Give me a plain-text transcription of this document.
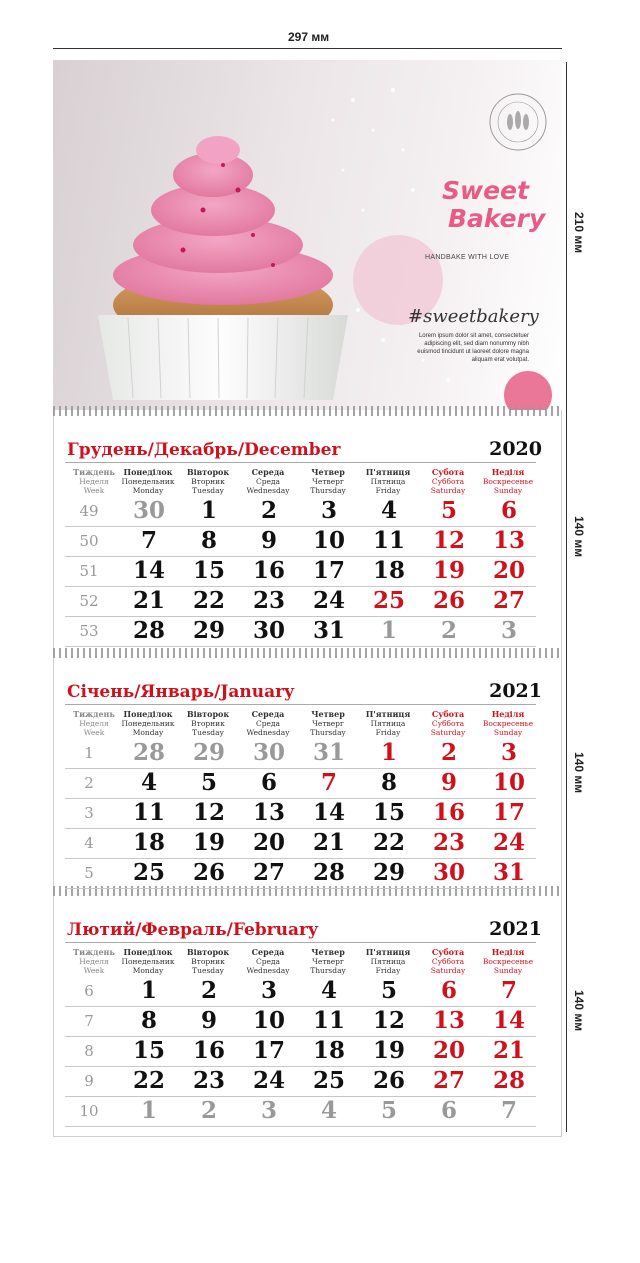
297 мм
210 мм
140 мм
140 мм
140 мм
Sweet
Bakery
HANDBAKE WITH LOVE
#sweetbakery
Lorem ipsum dolor sit amet, consectetuer adipiscing elit, sed diam nonummy nibh euismod tincidunt ut laoreet dolore magna aliquam erat volutpat.
Грудень/Декабрь/December	2020
Тиждень
Неделя
Week
Понеділок
Понедельник
Monday
Вівторок
Вторник
Tuesday
Середа
Среда
Wednesday
Четвер
Четверг
Thursday
П'ятниця
Пятница
Friday
Субота
Суббота
Saturday
Неділя
Воскресенье
Sunday
49	30	1	2	3	4	5	6
50	7	8	9	10	11	12	13
51	14	15	16	17	18	19	20
52	21	22	23	24	25	26	27
53	28	29	30	31	1	2	3
Січень/Январь/January	2021
Тиждень
Неделя
Week
Понеділок
Понедельник
Monday
Вівторок
Вторник
Tuesday
Середа
Среда
Wednesday
Четвер
Четверг
Thursday
П'ятниця
Пятница
Friday
Субота
Суббота
Saturday
Неділя
Воскресенье
Sunday
1	28	29	30	31	1	2	3
2	4	5	6	7	8	9	10
3	11	12	13	14	15	16	17
4	18	19	20	21	22	23	24
5	25	26	27	28	29	30	31
Лютий/Февраль/February	2021
Тиждень
Неделя
Week
Понеділок
Понедельник
Monday
Вівторок
Вторник
Tuesday
Середа
Среда
Wednesday
Четвер
Четверг
Thursday
П'ятниця
Пятница
Friday
Субота
Суббота
Saturday
Неділя
Воскресенье
Sunday
6	1	2	3	4	5	6	7
7	8	9	10	11	12	13	14
8	15	16	17	18	19	20	21
9	22	23	24	25	26	27	28
10	1	2	3	4	5	6	7
